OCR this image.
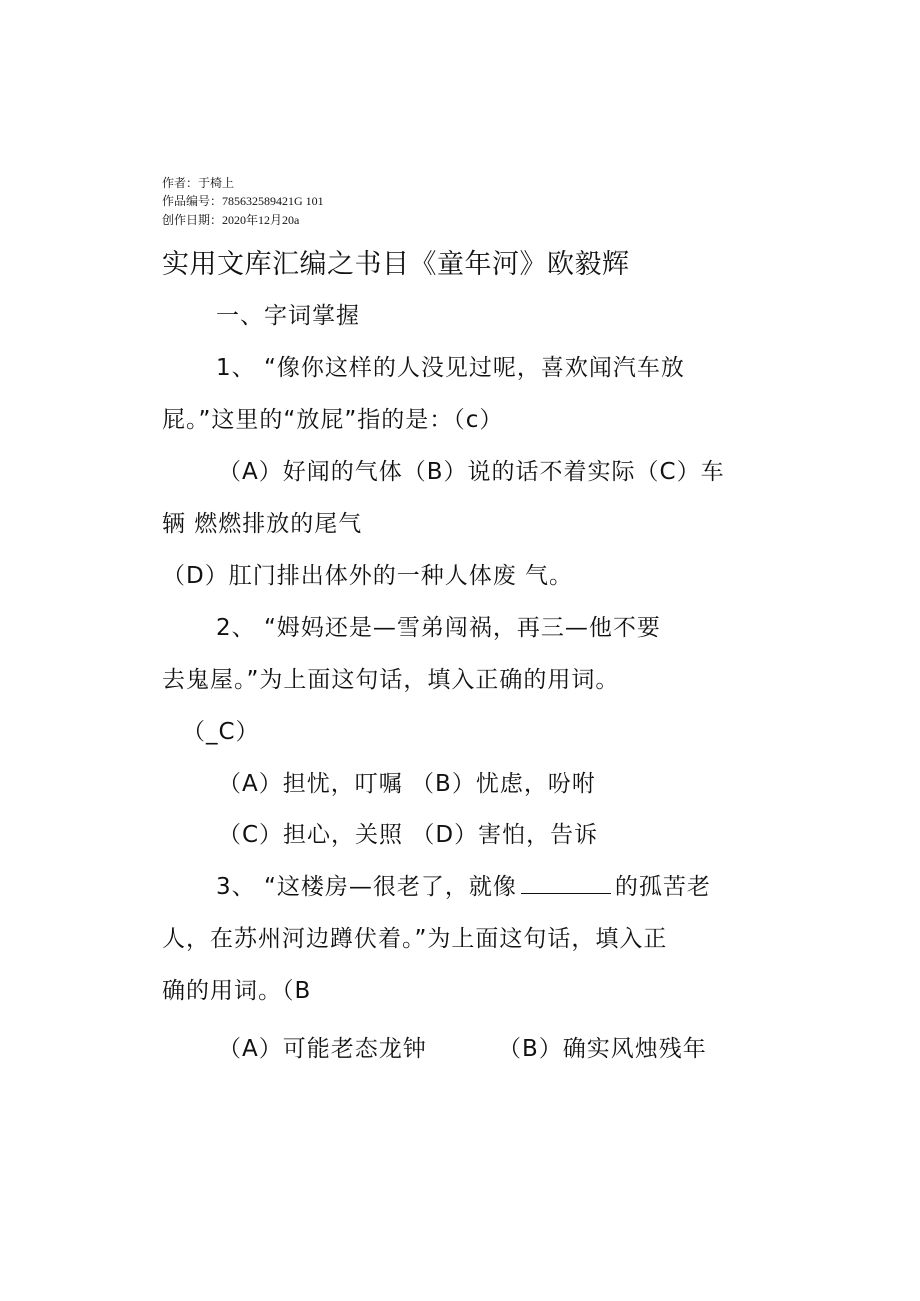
作者：于椅上
作品编号：785632589421G 101
创作日期：2020年12月20a
实用文库汇编之书目《童年河》欧毅辉
一、字词掌握
1、 “像你这样的人没见过呢，喜欢闻汽车放
屁。”这里的“放屁”指的是：（c）
（A）好闻的气体（B）说的话不着实际（C）车
辆 燃燃排放的尾气
（D）肛门排出体外的一种人体废 气。
2、 “姆妈还是—雪弟闯祸，再三—他不要
去鬼屋。”为上面这句话，填入正确的用词。
（_C）
（A）担忧，叮嘱 （B）忧虑，吩咐
（C）担心，关照 （D）害怕，告诉
3、 “这楼房—很老了，就像	的孤苦老
人，在苏州河边蹲伏着。”为上面这句话，填入正
确的用词。（B
（A）可能老态龙钟	（B）确实风烛残年
